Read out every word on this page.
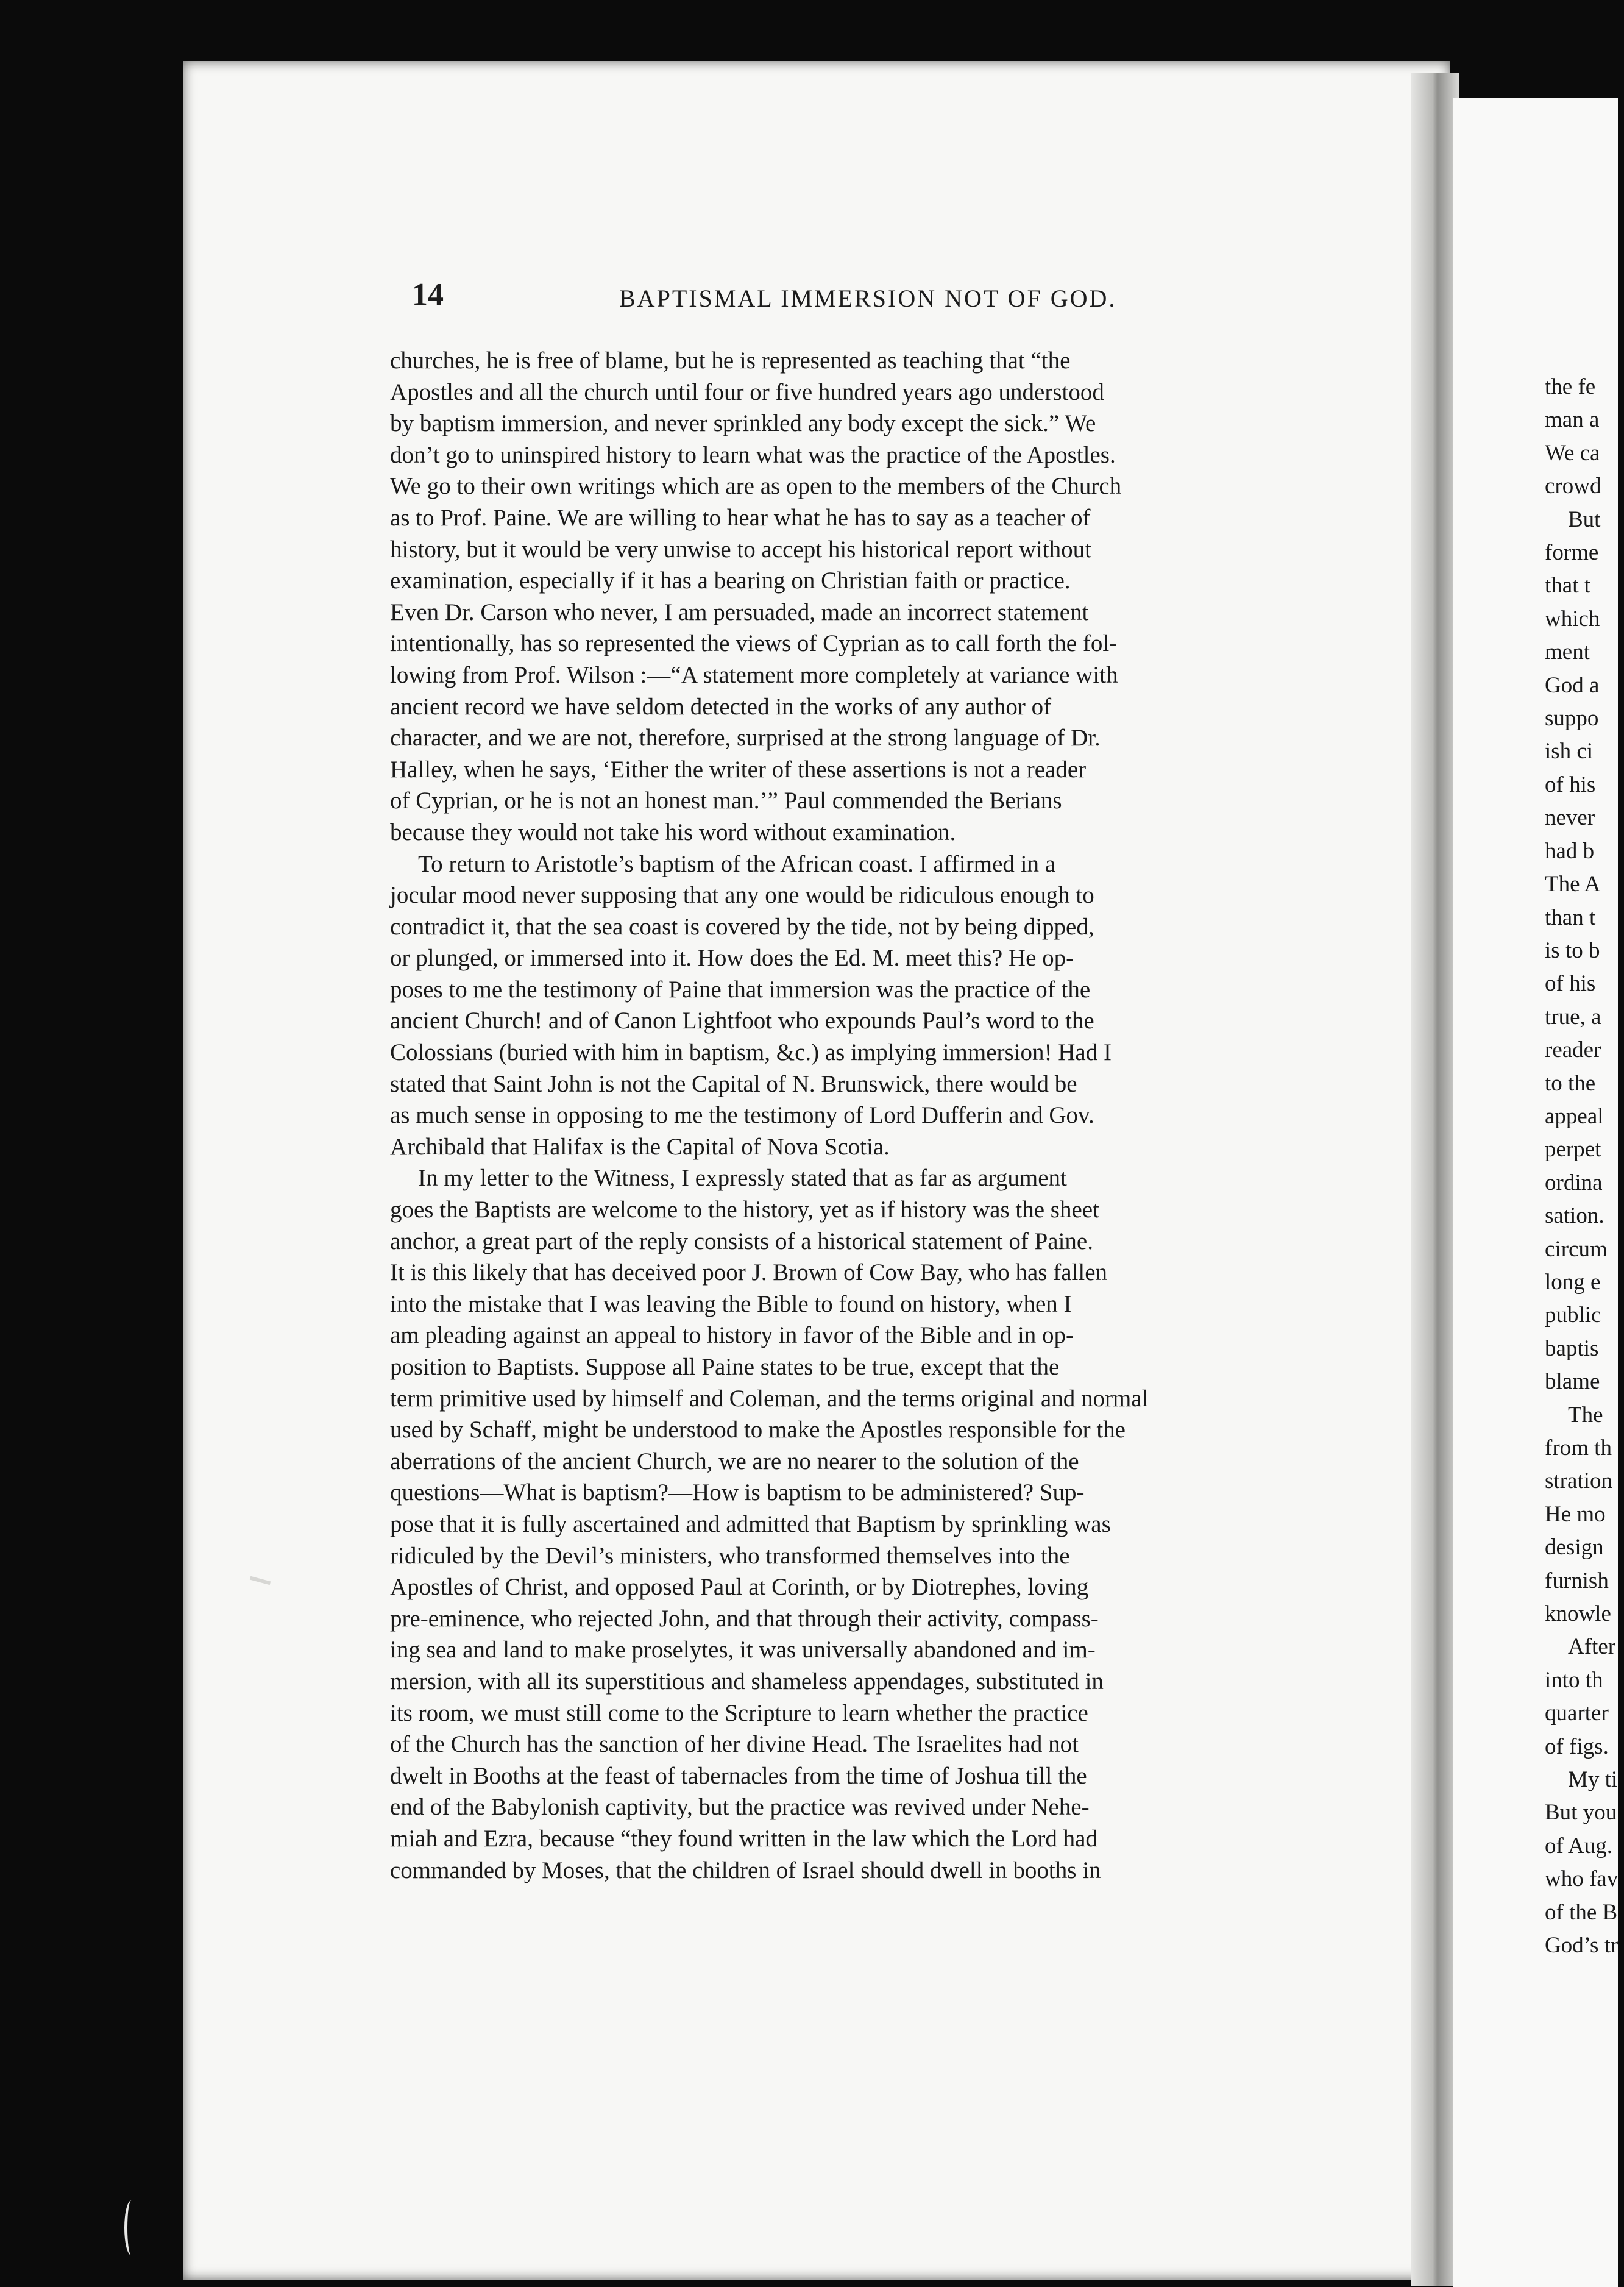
14	BAPTISMAL IMMERSION NOT OF GOD.
churches, he is free of blame, but he is represented as teaching that “the
Apostles and all the church until four or five hundred years ago understood
by baptism immersion, and never sprinkled any body except the sick.” We
don’t go to uninspired history to learn what was the practice of the Apostles.
We go to their own writings which are as open to the members of the Church
as to Prof. Paine. We are willing to hear what he has to say as a teacher of
history, but it would be very unwise to accept his historical report without
examination, especially if it has a bearing on Christian faith or practice.
Even Dr. Carson who never, I am persuaded, made an incorrect statement
intentionally, has so represented the views of Cyprian as to call forth the fol-
lowing from Prof. Wilson :—“A statement more completely at variance with
ancient record we have seldom detected in the works of any author of
character, and we are not, therefore, surprised at the strong language of Dr.
Halley, when he says, ‘Either the writer of these assertions is not a reader
of Cyprian, or he is not an honest man.’” Paul commended the Berians
because they would not take his word without examination.
To return to Aristotle’s baptism of the African coast. I affirmed in a
jocular mood never supposing that any one would be ridiculous enough to
contradict it, that the sea coast is covered by the tide, not by being dipped,
or plunged, or immersed into it. How does the Ed. M. meet this? He op-
poses to me the testimony of Paine that immersion was the practice of the
ancient Church! and of Canon Lightfoot who expounds Paul’s word to the
Colossians (buried with him in baptism, &c.) as implying immersion! Had I
stated that Saint John is not the Capital of N. Brunswick, there would be
as much sense in opposing to me the testimony of Lord Dufferin and Gov.
Archibald that Halifax is the Capital of Nova Scotia.
In my letter to the Witness, I expressly stated that as far as argument
goes the Baptists are welcome to the history, yet as if history was the sheet
anchor, a great part of the reply consists of a historical statement of Paine.
It is this likely that has deceived poor J. Brown of Cow Bay, who has fallen
into the mistake that I was leaving the Bible to found on history, when I
am pleading against an appeal to history in favor of the Bible and in op-
position to Baptists. Suppose all Paine states to be true, except that the
term primitive used by himself and Coleman, and the terms original and normal
used by Schaff, might be understood to make the Apostles responsible for the
aberrations of the ancient Church, we are no nearer to the solution of the
questions—What is baptism?—How is baptism to be administered? Sup-
pose that it is fully ascertained and admitted that Baptism by sprinkling was
ridiculed by the Devil’s ministers, who transformed themselves into the
Apostles of Christ, and opposed Paul at Corinth, or by Diotrephes, loving
pre-eminence, who rejected John, and that through their activity, compass-
ing sea and land to make proselytes, it was universally abandoned and im-
mersion, with all its superstitious and shameless appendages, substituted in
its room, we must still come to the Scripture to learn whether the practice
of the Church has the sanction of her divine Head. The Israelites had not
dwelt in Booths at the feast of tabernacles from the time of Joshua till the
end of the Babylonish captivity, but the practice was revived under Nehe-
miah and Ezra, because “they found written in the law which the Lord had
commanded by Moses, that the children of Israel should dwell in booths in
the fe
man a
We ca
crowd
But
forme
that t
which
ment
God a
suppo
ish ci
of his
never
had b
The A
than t
is to b
of his
true, a
reader
to the
appeal
perpet
ordina
sation.
circum
long e
public
baptis
blame
The
from th
stration
He mo
design
furnish
knowle
After
into th
quarter
of figs.
My ti
But you
of Aug.
who fav
of the B
God’s tr
